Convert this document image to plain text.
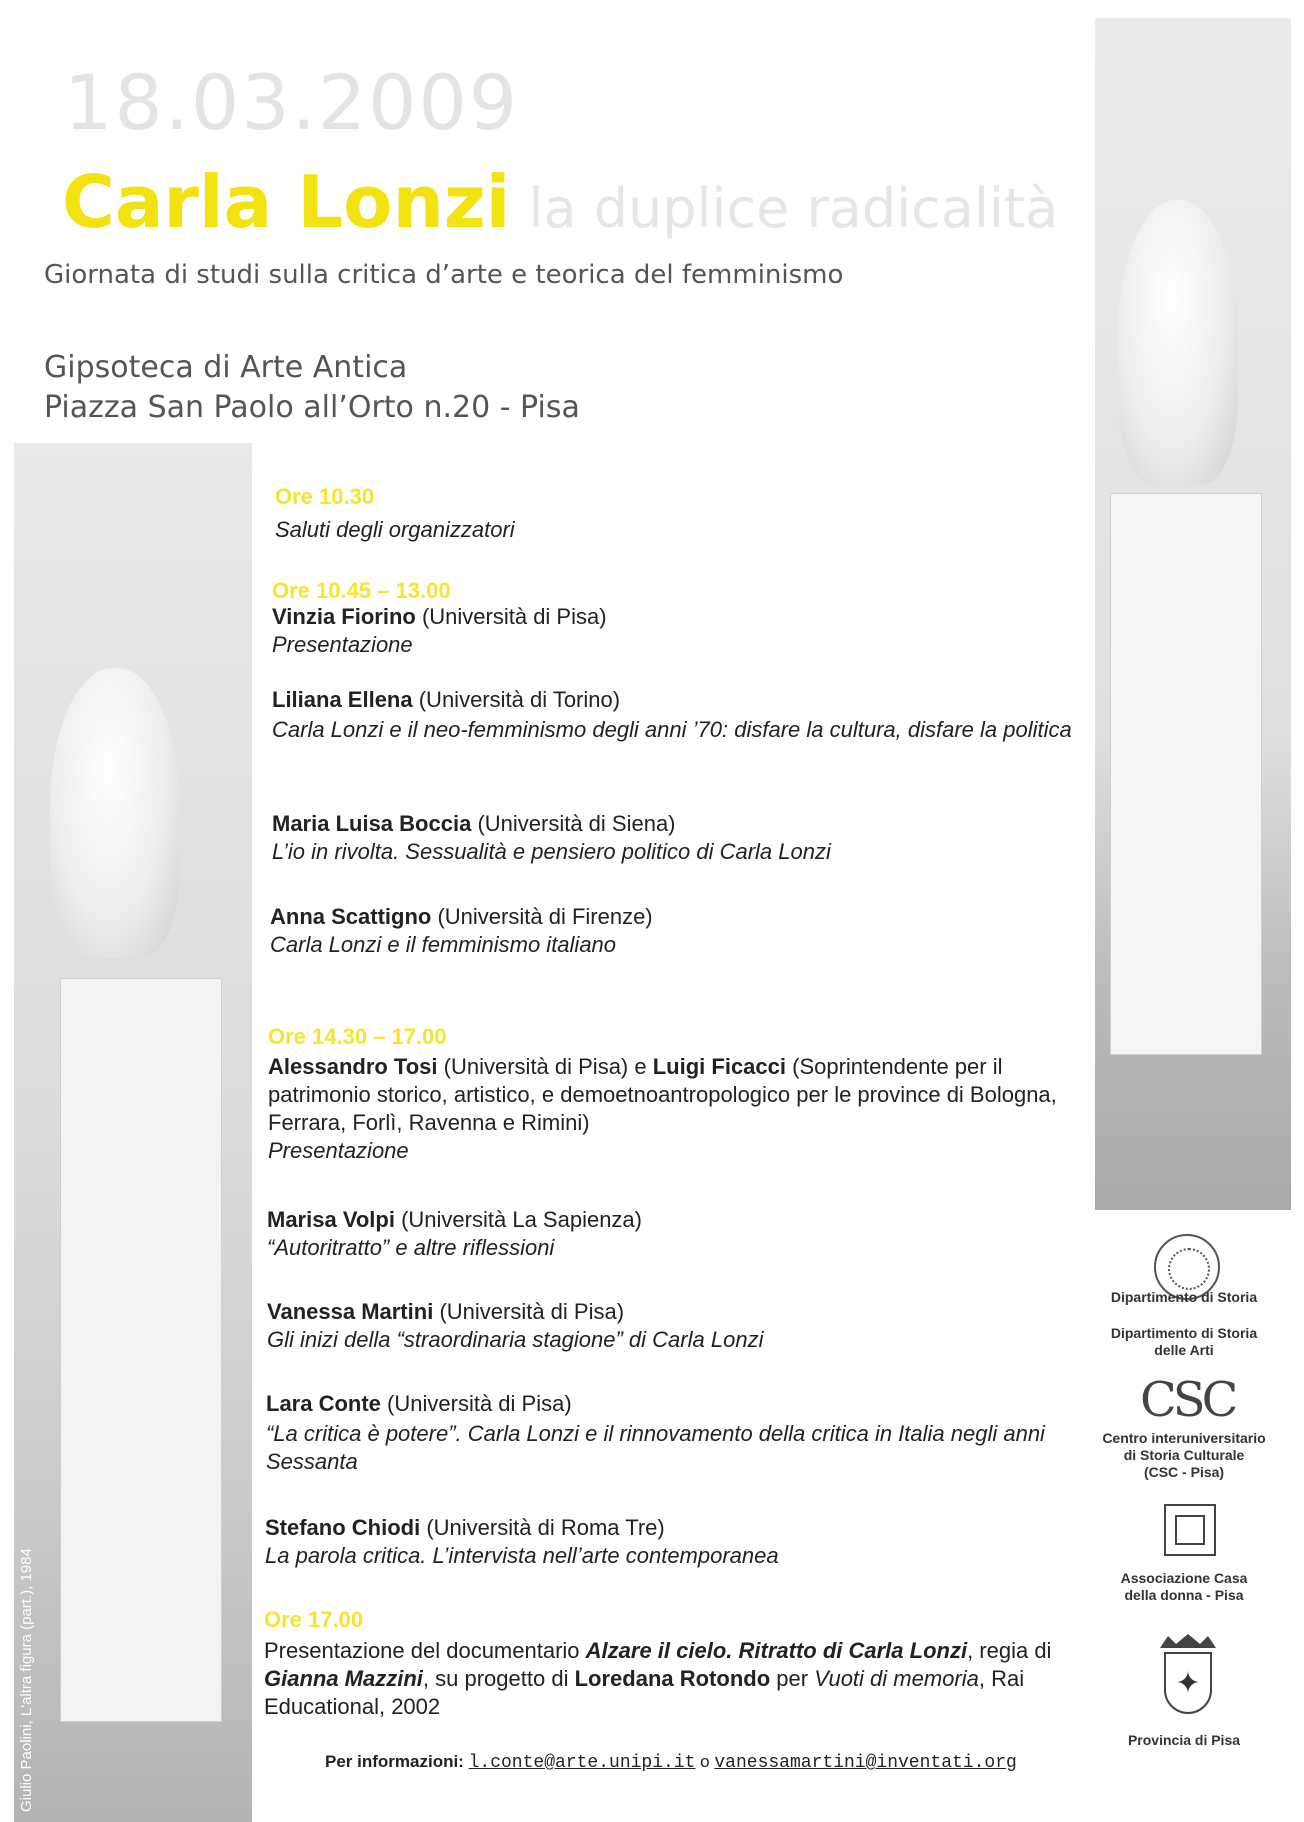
18.03.2009
Carla Lonzi la duplice radicalità
Giornata di studi sulla critica d’arte e teorica del femminismo
Gipsoteca di Arte Antica
Piazza San Paolo all’Orto n.20 - Pisa
Giulio Paolini, L'altra figura (part.), 1984
Ore 10.30
Saluti degli organizzatori
Ore 10.45 – 13.00
Vinzia Fiorino (Università di Pisa)
Presentazione
Liliana Ellena (Università di Torino)
Carla Lonzi e il neo-femminismo degli anni ’70: disfare la cultura, disfare la politica
Maria Luisa Boccia (Università di Siena)
L’io in rivolta. Sessualità e pensiero politico di Carla Lonzi
Anna Scattigno (Università di Firenze)
Carla Lonzi e il femminismo italiano
Ore 14.30 – 17.00
Alessandro Tosi (Università di Pisa) e Luigi Ficacci (Soprintendente per il patrimonio storico, artistico, e demoetnoantropologico per le province di Bologna, Ferrara, Forlì, Ravenna e Rimini)
Presentazione
Marisa Volpi (Università La Sapienza)
“Autoritratto” e altre riflessioni
Vanessa Martini (Università di Pisa)
Gli inizi della “straordinaria stagione” di Carla Lonzi
Lara Conte (Università di Pisa)
“La critica è potere”. Carla Lonzi e il rinnovamento della critica in Italia negli anni Sessanta
Stefano Chiodi (Università di Roma Tre)
La parola critica. L’intervista nell’arte contemporanea
Ore 17.00
Presentazione del documentario Alzare il cielo. Ritratto di Carla Lonzi, regia di Gianna Mazzini, su progetto di Loredana Rotondo per Vuoti di memoria, Rai Educational, 2002
Per informazioni: l.conte@arte.unipi.it o vanessamartini@inventati.org
Dipartimento di Storia
Dipartimento di Storia
delle Arti
CSC
Centro interuniversitario
di Storia Culturale
(CSC - Pisa)
Associazione Casa
della donna - Pisa
✦
Provincia di Pisa
